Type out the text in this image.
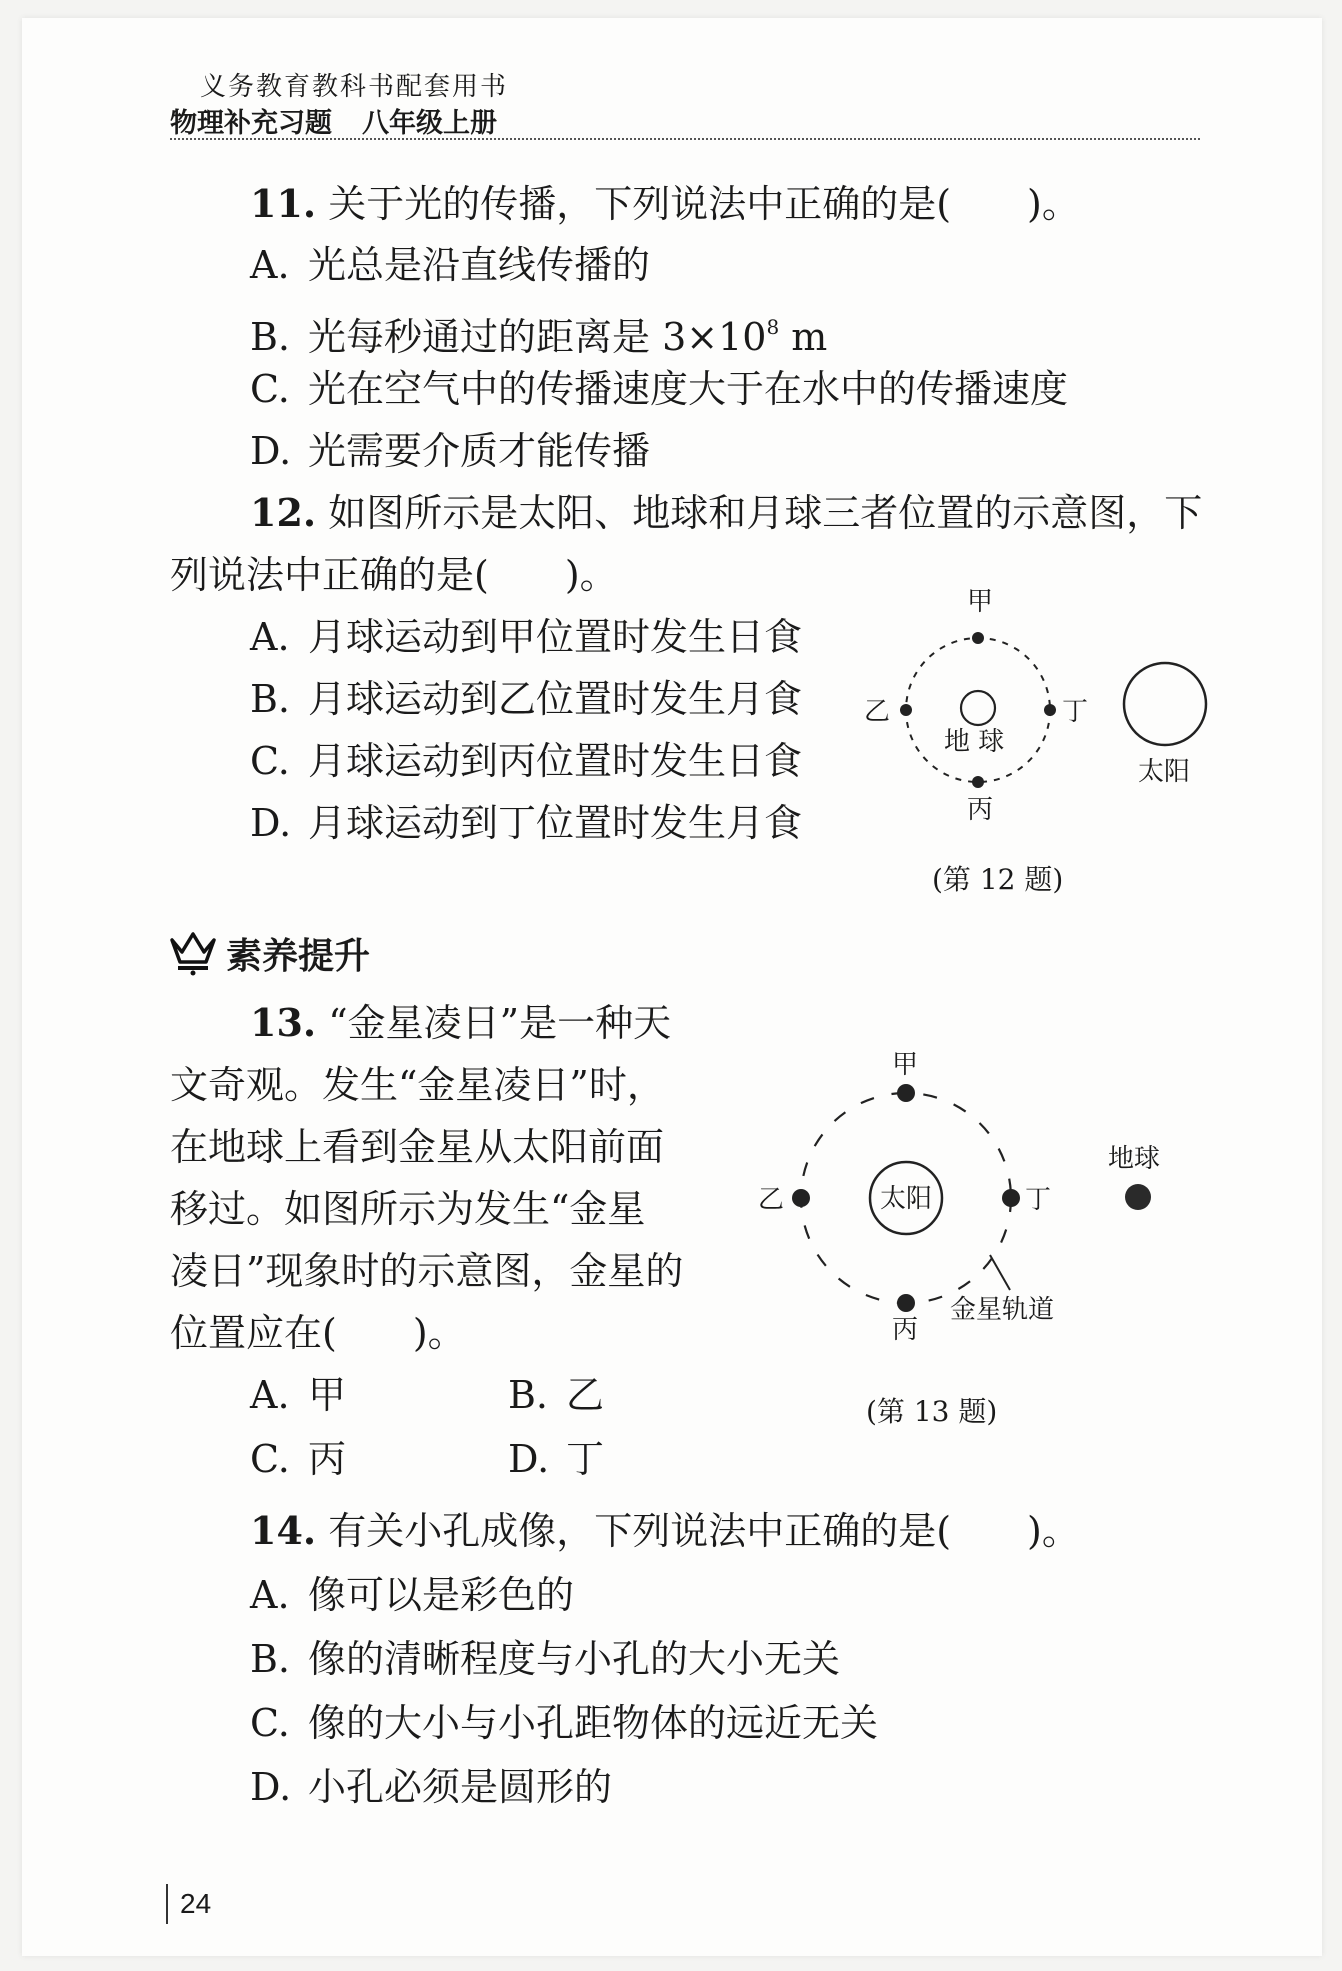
义务教育教科书配套用书
物理补充习题 八年级上册
11. 关于光的传播，下列说法中正确的是(　　)。
A. 光总是沿直线传播的
B. 光每秒通过的距离是 $3\times 10^8$ m
C. 光在空气中的传播速度大于在水中的传播速度
D. 光需要介质才能传播
12. 如图所示是太阳、地球和月球三者位置的示意图，下
列说法中正确的是(　　)。
A. 月球运动到甲位置时发生日食
B. 月球运动到乙位置时发生月食
C. 月球运动到丙位置时发生日食
D. 月球运动到丁位置时发生月食
甲
乙	丁
丙
地 球
太阳
(第 12 题)
素养提升
13. “金星凌日”是一种天
文奇观。发生“金星凌日”时，
在地球上看到金星从太阳前面
移过。如图所示为发生“金星
凌日”现象时的示意图，金星的
位置应在(　　)。
A. 甲	B. 乙
C. 丙	D. 丁
甲
乙	丁
丙
太阳
地球
金星轨道
(第 13 题)
14. 有关小孔成像，下列说法中正确的是(　　)。
A. 像可以是彩色的
B. 像的清晰程度与小孔的大小无关
C. 像的大小与小孔距物体的远近无关
D. 小孔必须是圆形的
24
